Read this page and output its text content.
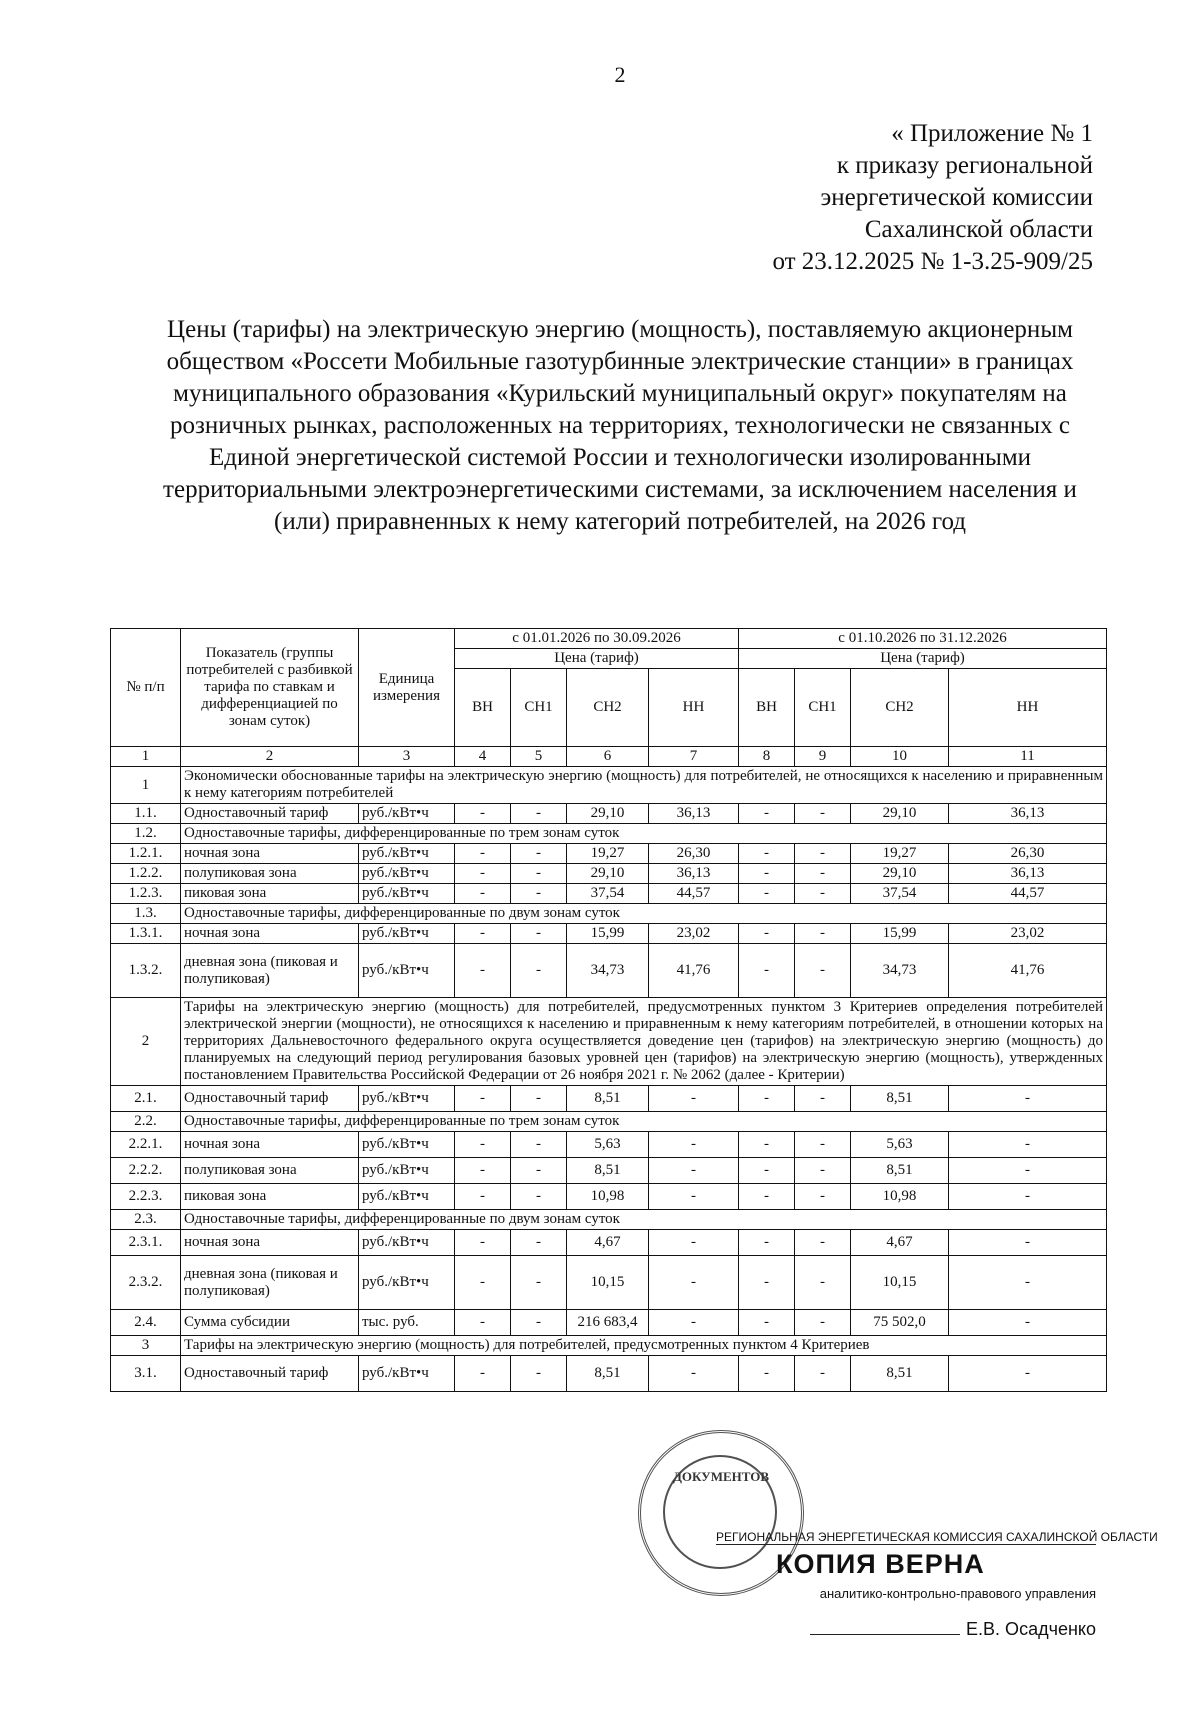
2
« Приложение № 1
к приказу региональной
энергетической комиссии
Сахалинской области
от 23.12.2025 № 1-3.25-909/25
Цены (тарифы) на электрическую энергию (мощность), поставляемую акционерным обществом «Россети Мобильные газотурбинные электрические станции» в границах муниципального образования «Курильский муниципальный округ» покупателям на розничных рынках, расположенных на территориях, технологически не связанных с Единой энергетической системой России и технологически изолированными территориальными электроэнергетическими системами, за исключением населения и (или) приравненных к нему категорий потребителей, на 2026 год
№ п/п	Показатель (группы потребителей с разбивкой тарифа по ставкам и дифференциацией по зонам суток)	Единица измерения	с 01.01.2026 по 30.09.2026				с 01.10.2026 по 31.12.2026			
			Цена (тариф)				Цена (тариф)			
			ВН	СН1	СН2	НН	ВН	СН1	СН2	НН
1	2	3	4	5	6	7	8	9	10	11
1	Экономически обоснованные тарифы на электрическую энергию (мощность) для потребителей, не относящихся к населению и приравненным к нему категориям потребителей									
1.1.	Одноставочный тариф	руб./кВт•ч	-	-	29,10	36,13	-	-	29,10	36,13
1.2.	Одноставочные тарифы, дифференцированные по трем зонам суток									
1.2.1.	ночная зона	руб./кВт•ч	-	-	19,27	26,30	-	-	19,27	26,30
1.2.2.	полупиковая зона	руб./кВт•ч	-	-	29,10	36,13	-	-	29,10	36,13
1.2.3.	пиковая зона	руб./кВт•ч	-	-	37,54	44,57	-	-	37,54	44,57
1.3.	Одноставочные тарифы, дифференцированные по двум зонам суток									
1.3.1.	ночная зона	руб./кВт•ч	-	-	15,99	23,02	-	-	15,99	23,02
1.3.2.	дневная зона (пиковая и полупиковая)	руб./кВт•ч	-	-	34,73	41,76	-	-	34,73	41,76
2	Тарифы на электрическую энергию (мощность) для потребителей, предусмотренных пунктом 3 Критериев определения потребителей электрической энергии (мощности), не относящихся к населению и приравненным к нему категориям потребителей, в отношении которых на территориях Дальневосточного федерального округа осуществляется доведение цен (тарифов) на электрическую энергию (мощность) до планируемых на следующий период регулирования базовых уровней цен (тарифов) на электрическую энергию (мощность), утвержденных постановлением Правительства Российской Федерации от 26 ноября 2021 г. № 2062 (далее - Критерии)									
2.1.	Одноставочный тариф	руб./кВт•ч	-	-	8,51	-	-	-	8,51	-
2.2.	Одноставочные тарифы, дифференцированные по трем зонам суток									
2.2.1.	ночная зона	руб./кВт•ч	-	-	5,63	-	-	-	5,63	-
2.2.2.	полупиковая зона	руб./кВт•ч	-	-	8,51	-	-	-	8,51	-
2.2.3.	пиковая зона	руб./кВт•ч	-	-	10,98	-	-	-	10,98	-
2.3.	Одноставочные тарифы, дифференцированные по двум зонам суток									
2.3.1.	ночная зона	руб./кВт•ч	-	-	4,67	-	-	-	4,67	-
2.3.2.	дневная зона (пиковая и полупиковая)	руб./кВт•ч	-	-	10,15	-	-	-	10,15	-
2.4.	Сумма субсидии	тыс. руб.	-	-	216 683,4	-	-	-	75 502,0	-
3	Тарифы на электрическую энергию (мощность) для потребителей, предусмотренных пунктом 4 Критериев									
3.1.	Одноставочный тариф	руб./кВт•ч	-	-	8,51	-	-	-	8,51	-
ДОКУМЕНТОВ
РЕГИОНАЛЬНАЯ ЭНЕРГЕТИЧЕСКАЯ КОМИССИЯ САХАЛИНСКОЙ ОБЛАСТИ
КОПИЯ ВЕРНА
аналитико-контрольно-правового управления
Е.В. Осадченко
